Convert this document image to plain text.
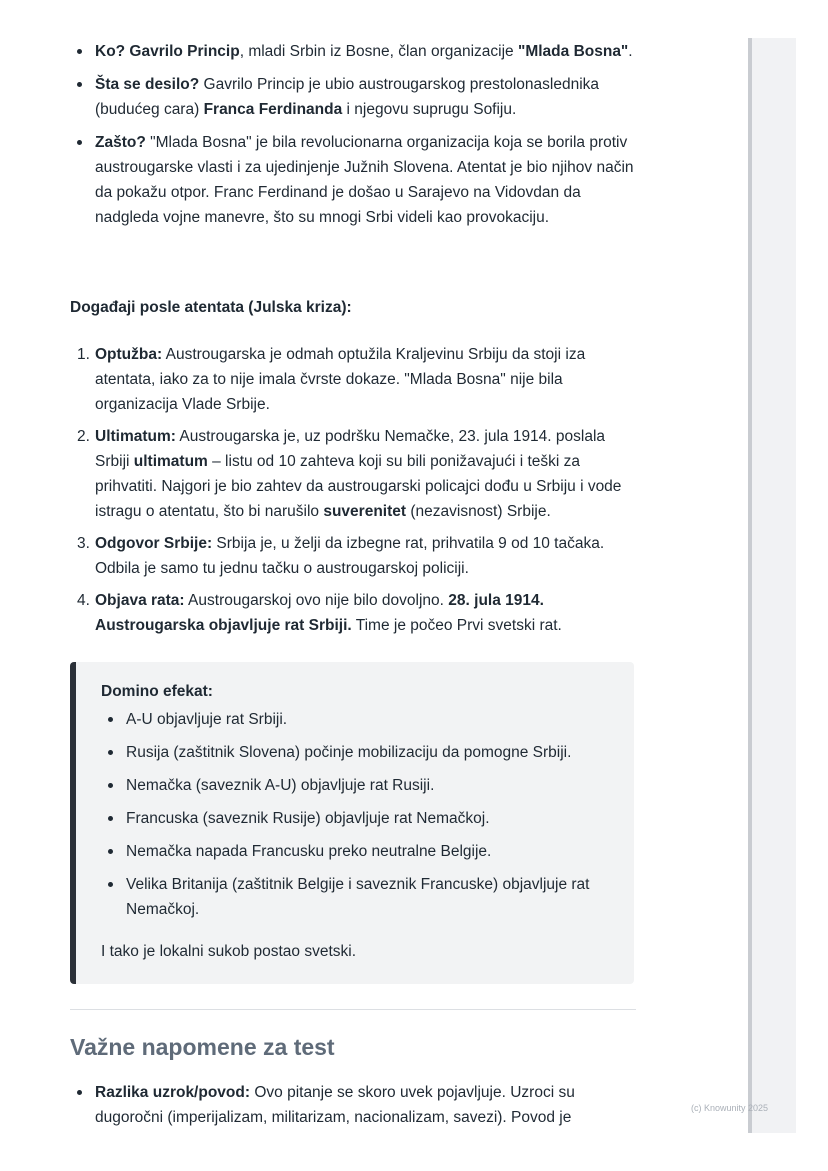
Ko? Gavrilo Princip, mladi Srbin iz Bosne, član organizacije "Mlada Bosna".
Šta se desilo? Gavrilo Princip je ubio austrougarskog prestolonaslednika (budućeg cara) Franca Ferdinanda i njegovu suprugu Sofiju.
Zašto? "Mlada Bosna" je bila revolucionarna organizacija koja se borila protiv austrougarske vlasti i za ujedinjenje Južnih Slovena. Atentat je bio njihov način da pokažu otpor. Franc Ferdinand je došao u Sarajevo na Vidovdan da nadgleda vojne manevre, što su mnogi Srbi videli kao provokaciju.
Događaji posle atentata (Julska kriza):
1. Optužba: Austrougarska je odmah optužila Kraljevinu Srbiju da stoji iza atentata, iako za to nije imala čvrste dokaze. "Mlada Bosna" nije bila organizacija Vlade Srbije.
2. Ultimatum: Austrougarska je, uz podršku Nemačke, 23. jula 1914. poslala Srbiji ultimatum – listu od 10 zahteva koji su bili ponižavajući i teški za prihvatiti. Najgori je bio zahtev da austrougarski policajci dođu u Srbiju i vode istragu o atentatu, što bi narušilo suverenitet (nezavisnost) Srbije.
3. Odgovor Srbije: Srbija je, u želji da izbegne rat, prihvatila 9 od 10 tačaka. Odbila je samo tu jednu tačku o austrougarskoj policiji.
4. Objava rata: Austrougarskoj ovo nije bilo dovoljno. 28. jula 1914. Austrougarska objavljuje rat Srbiji. Time je počeo Prvi svetski rat.
Domino efekat:
A-U objavljuje rat Srbiji.
Rusija (zaštitnik Slovena) počinje mobilizaciju da pomogne Srbiji.
Nemačka (saveznik A-U) objavljuje rat Rusiji.
Francuska (saveznik Rusije) objavljuje rat Nemačkoj.
Nemačka napada Francusku preko neutralne Belgije.
Velika Britanija (zaštitnik Belgije i saveznik Francuske) objavljuje rat Nemačkoj.
I tako je lokalni sukob postao svetski.
Važne napomene za test
Razlika uzrok/povod: Ovo pitanje se skoro uvek pojavljuje. Uzroci su dugoročni (imperijalizam, militarizam, nacionalizam, savezi). Povod je
(c) Knowunity 2025
